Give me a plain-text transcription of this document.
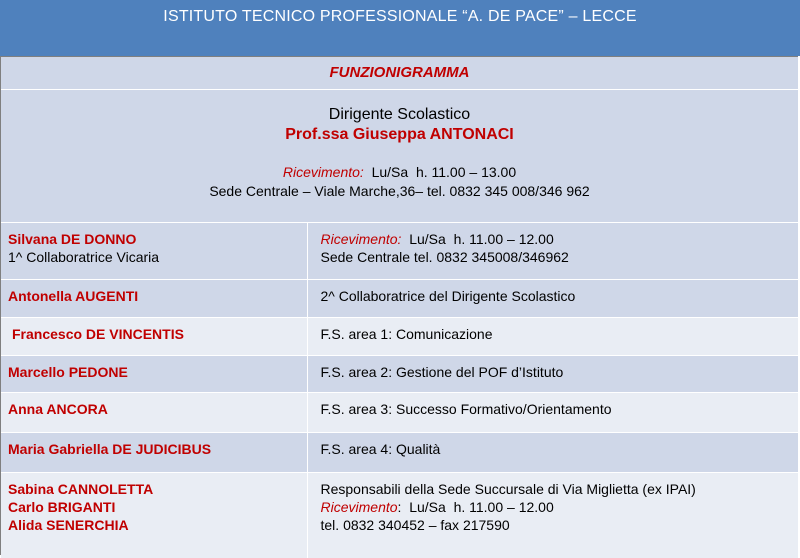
ISTITUTO TECNICO PROFESSIONALE “A. DE PACE” – LECCE
FUNZIONIGRAMMA
Dirigente Scolastico
Prof.ssa Giuseppa ANTONACI
Ricevimento:  Lu/Sa  h. 11.00 – 13.00
Sede Centrale – Viale Marche,36– tel. 0832 345 008/346 962
Silvana DE DONNO
1^ Collaboratrice Vicaria	Ricevimento:  Lu/Sa  h. 11.00 – 12.00
Sede Centrale tel. 0832 345008/346962

Antonella AUGENTI	2^ Collaboratrice del Dirigente Scolastico

Francesco DE VINCENTIS	F.S. area 1: Comunicazione

Marcello PEDONE	F.S. area 2: Gestione del POF d’Istituto

Anna ANCORA	F.S. area 3: Successo Formativo/Orientamento

Maria Gabriella DE JUDICIBUS	F.S. area 4: Qualità

Sabina CANNOLETTA
Carlo BRIGANTI
Alida SENERCHIA	Responsabili della Sede Succursale di Via Miglietta (ex IPAI)
Ricevimento:  Lu/Sa  h. 11.00 – 12.00
tel. 0832 340452 – fax 217590
